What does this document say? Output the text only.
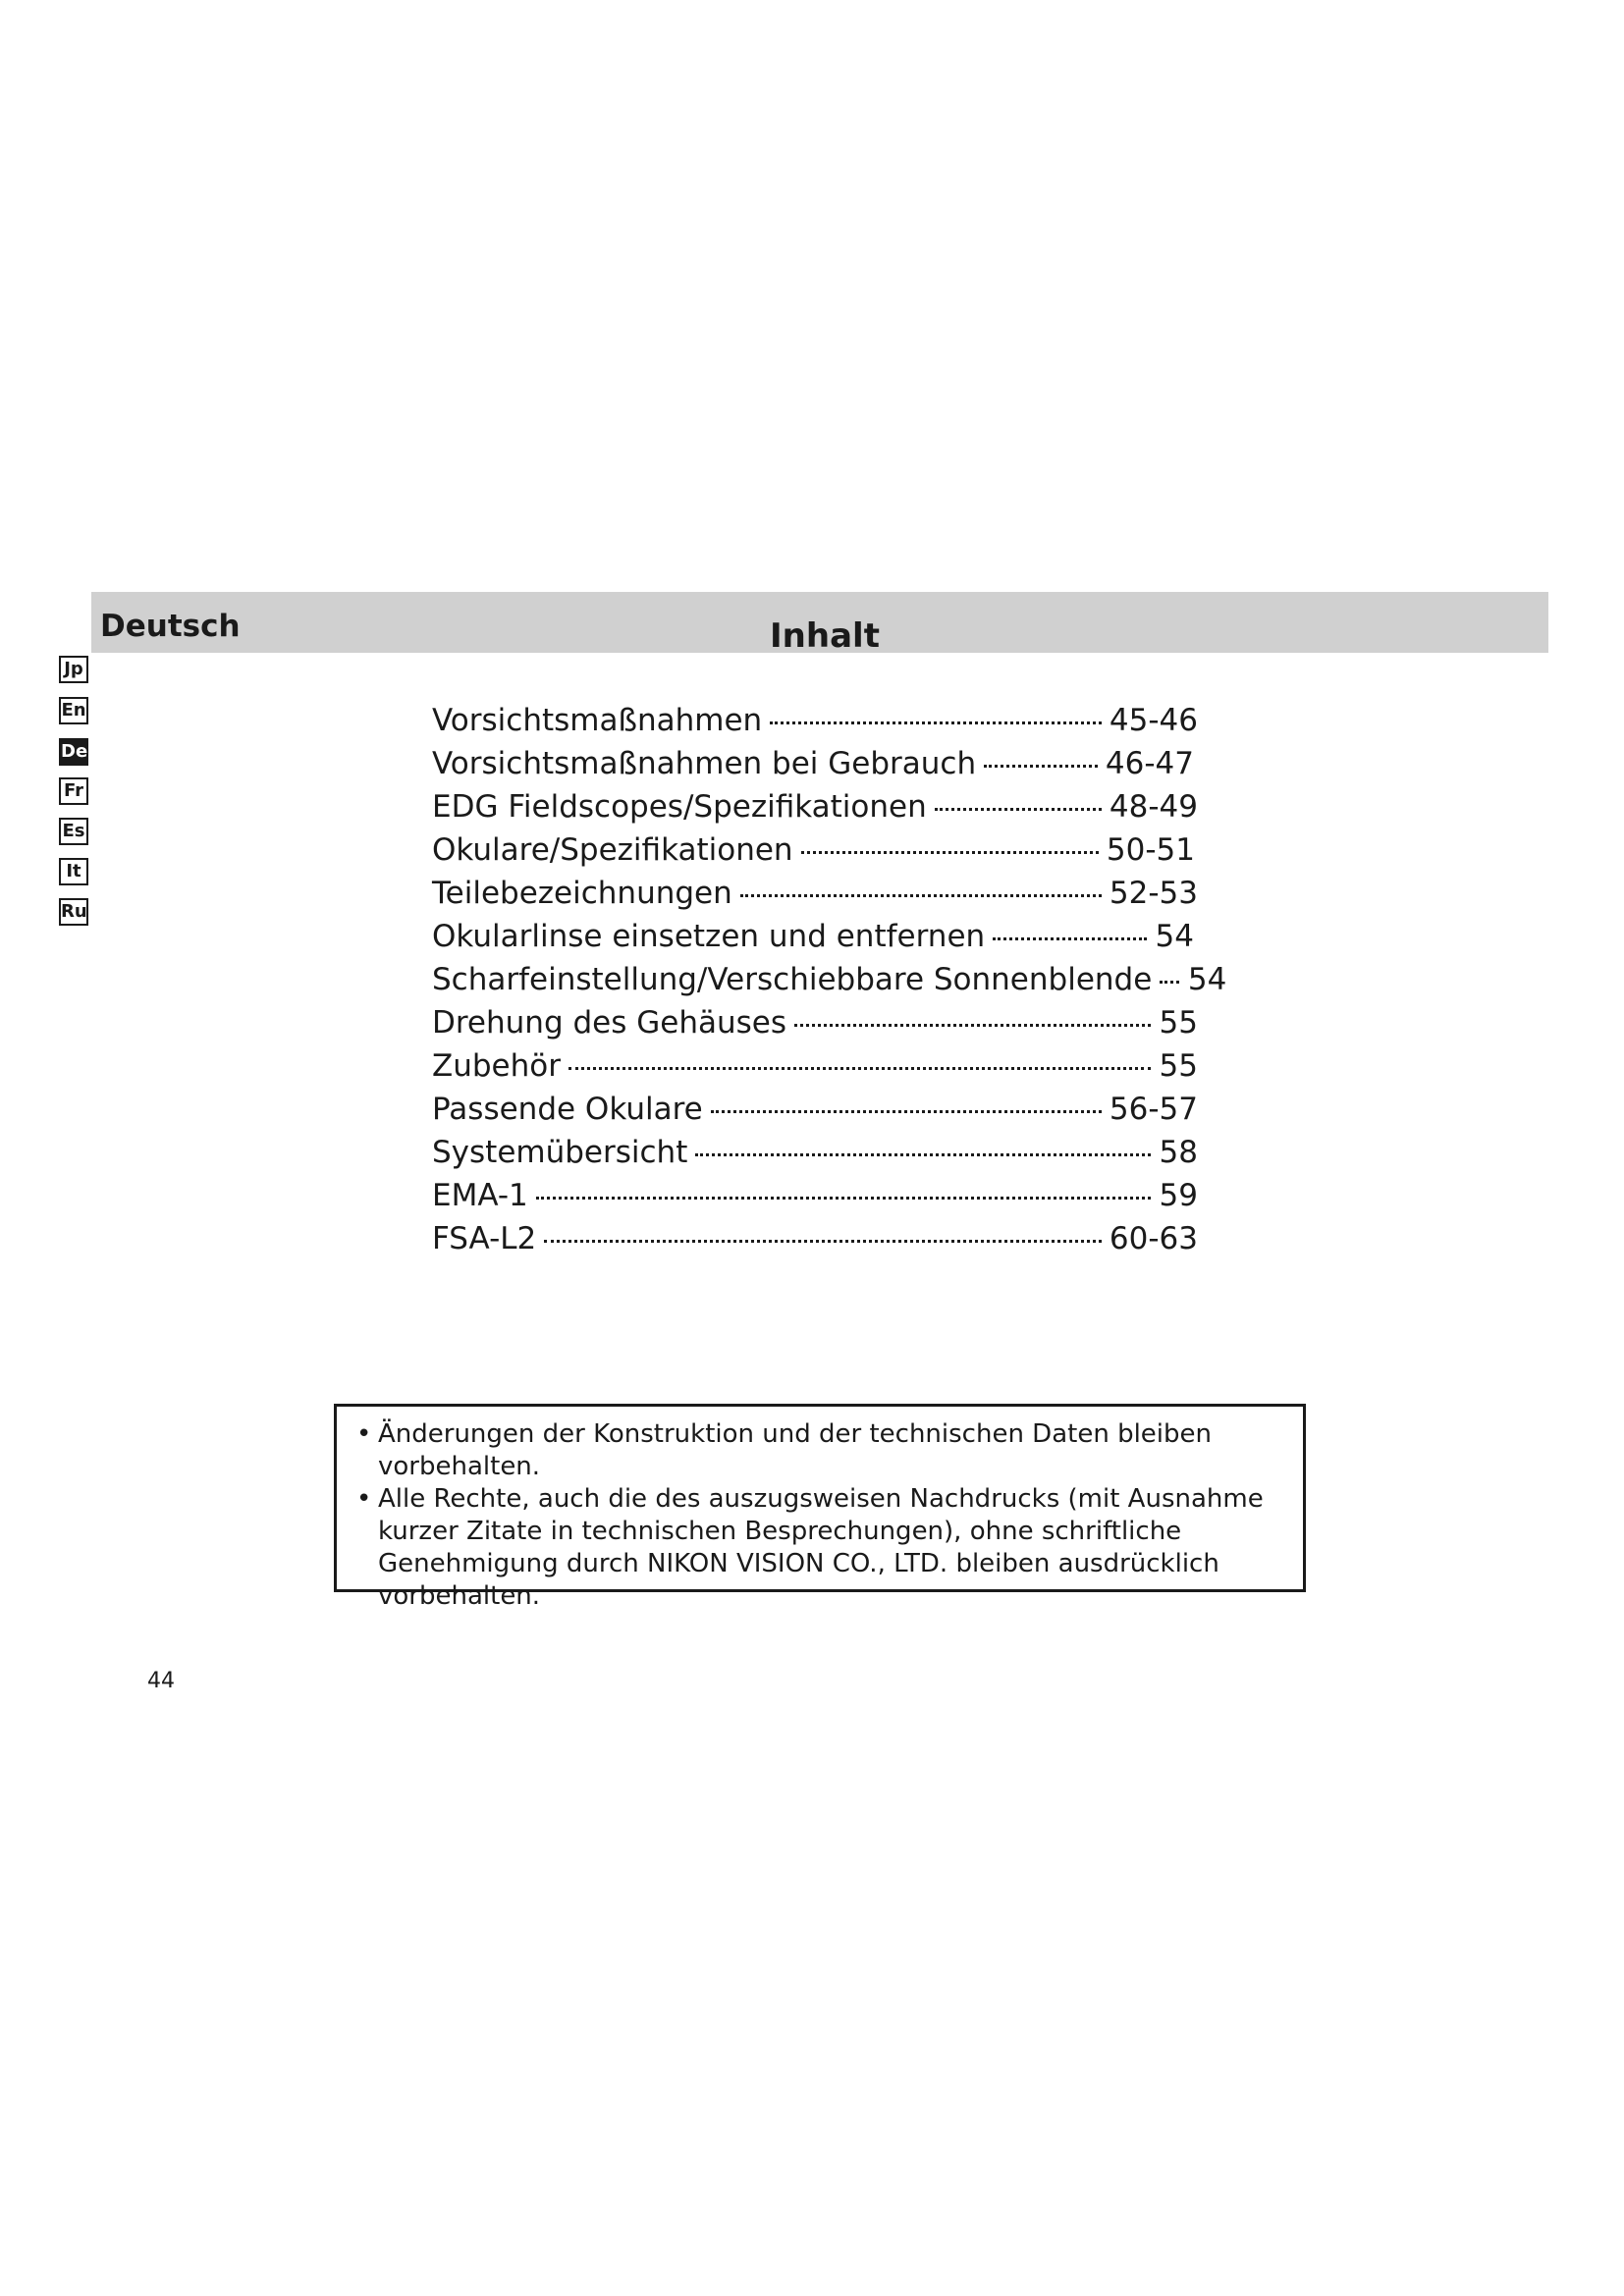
Deutsch	Inhalt
Jp
En
De
Fr
Es
It
Ru
Vorsichtsmaßnahmen	45-46
Vorsichtsmaßnahmen bei Gebrauch	46-47
EDG Fieldscopes/Spezifikationen	48-49
Okulare/Spezifikationen	50-51
Teilebezeichnungen	52-53
Okularlinse einsetzen und entfernen	54
Scharfeinstellung/Verschiebbare Sonnenblende 54
Drehung des Gehäuses	55
Zubehör	55
Passende Okulare	56-57
Systemübersicht	58
EMA-1	59
FSA-L2	60-63
• Änderungen der Konstruktion und der technischen Daten bleiben vorbehalten.
• Alle Rechte, auch die des auszugsweisen Nachdrucks (mit Ausnahme kurzer Zitate in technischen Besprechungen), ohne schriftliche Genehmigung durch NIKON VISION CO., LTD. bleiben ausdrücklich vorbehalten.
44
